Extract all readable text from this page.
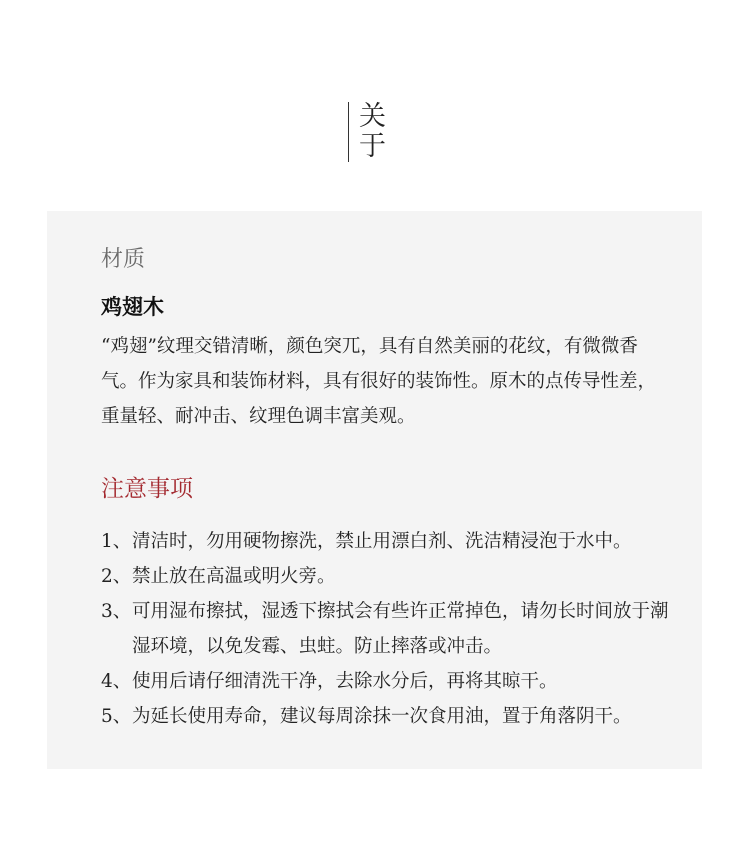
关于
材质
鸡翅木

“鸡翅”纹理交错清晰，颜色突兀，具有自然美丽的花纹，有微微香气。作为家具和装饰材料，具有很好的装饰性。原木的点传导性差，重量轻、耐冲击、纹理色调丰富美观。

注意事项
1、 清洁时，勿用硬物擦洗，禁止用漂白剂、洗洁精浸泡于水中。
2、 禁止放在高温或明火旁。
3、 可用湿布擦拭，湿透下擦拭会有些许正常掉色，请勿长时间放于潮湿环境，以免发霉、虫蛀。防止摔落或冲击。
4、 使用后请仔细清洗干净，去除水分后，再将其晾干。
5、 为延长使用寿命，建议每周涂抹一次食用油，置于角落阴干。
